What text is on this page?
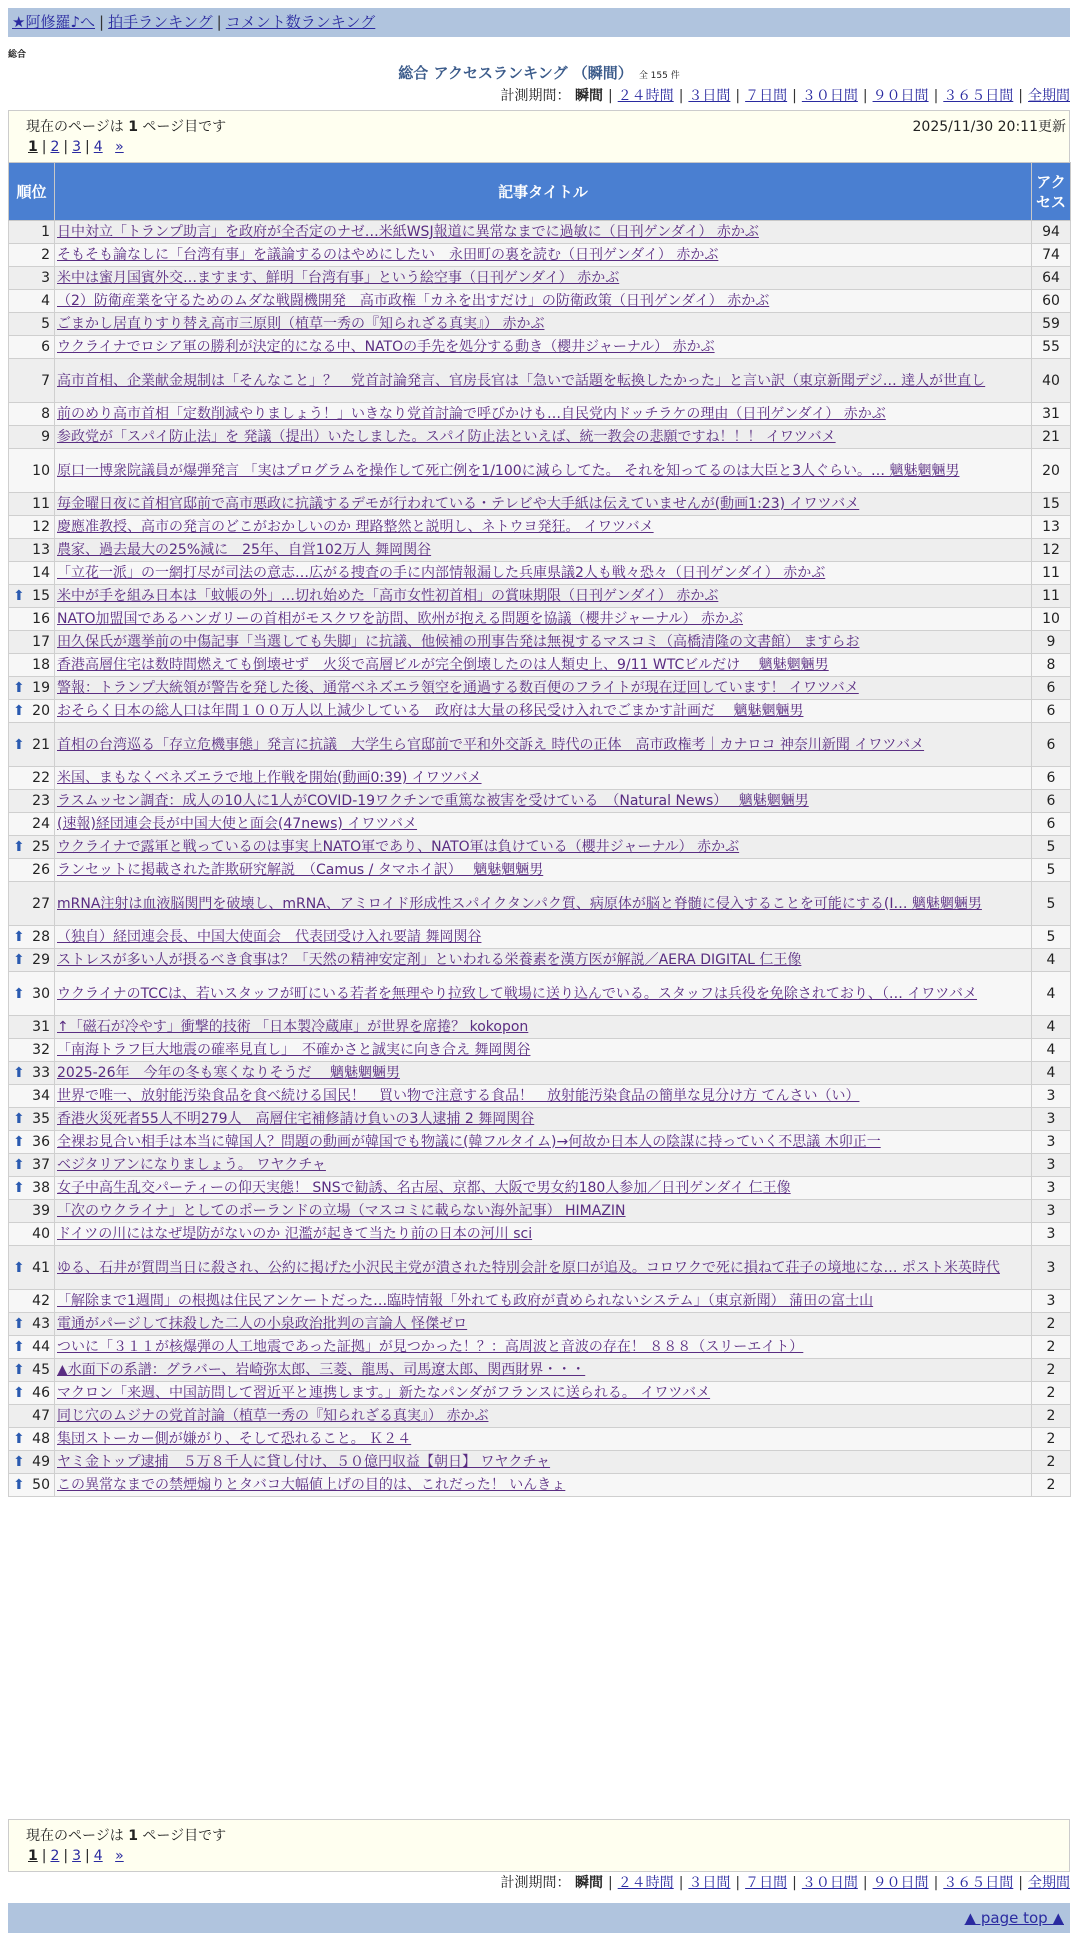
★阿修羅♪へ | 拍手ランキング | コメント数ランキング
総合
総合 アクセスランキング （瞬間） 全 155 件
計測期間： 瞬間 | ２４時間 | ３日間 | ７日間 | ３０日間 | ９０日間 | ３６５日間 | 全期間
現在のページは 1 ページ目です	2025/11/30 20:11更新
1 | 2 | 3 | 4 »
順位	記事タイトル	アクセス
1	日中対立「トランプ助言」を政府が全否定のナゼ…米紙WSJ報道に異常なまでに過敏に（日刊ゲンダイ） 赤かぶ	94
2	そもそも論なしに「台湾有事」を議論するのはやめにしたい　永田町の裏を読む（日刊ゲンダイ） 赤かぶ	74
3	米中は蜜月国賓外交…ますます、鮮明「台湾有事」という絵空事（日刊ゲンダイ） 赤かぶ	64
4	（2）防衛産業を守るためのムダな戦闘機開発　高市政権「カネを出すだけ」の防衛政策（日刊ゲンダイ） 赤かぶ	60
5	ごまかし居直りすり替え高市三原則（植草一秀の『知られざる真実』） 赤かぶ	59
6	ウクライナでロシア軍の勝利が決定的になる中、NATOの手先を処分する動き（櫻井ジャーナル） 赤かぶ	55
7	高市首相、企業献金規制は「そんなこと」？　党首討論発言、官房長官は「急いで話題を転換したかった」と言い訳（東京新聞デジ… 達人が世直し	40
8	前のめり高市首相「定数削減やりましょう！」いきなり党首討論で呼びかけも…自民党内ドッチラケの理由（日刊ゲンダイ） 赤かぶ	31
9	参政党が「スパイ防止法」を 発議（提出）いたしました。スパイ防止法といえば、統一教会の悲願ですね！！！ イワツバメ	21
10	原口一博衆院議員が爆弾発言 「実はプログラムを操作して死亡例を1/100に減らしてた。 それを知ってるのは大臣と3人ぐらい。… 魑魅魍魎男	20
11	毎金曜日夜に首相官邸前で高市悪政に抗議するデモが行われている・テレビや大手紙は伝えていませんが(動画1:23) イワツバメ	15
12	慶應准教授、高市の発言のどこがおかしいのか 理路整然と説明し、ネトウヨ発狂。 イワツバメ	13
13	農家、過去最大の25%減に　25年、自営102万人 舞岡関谷	12
14	「立花一派」の一網打尽が司法の意志…広がる捜査の手に内部情報漏した兵庫県議2人も戦々恐々（日刊ゲンダイ） 赤かぶ	11

⬆ 15	米中が手を組み日本は「蚊帳の外」…切れ始めた「高市女性初首相」の賞味期限（日刊ゲンダイ） 赤かぶ	11
16	NATO加盟国であるハンガリーの首相がモスクワを訪問、欧州が抱える問題を協議（櫻井ジャーナル） 赤かぶ	10
17	田久保氏が選挙前の中傷記事「当選しても失脚」に抗議、他候補の刑事告発は無視するマスコミ（高橋清隆の文書館） ますらお	9
18	香港高層住宅は数時間燃えても倒壊せず　火災で高層ビルが完全倒壊したのは人類史上、9/11 WTCビルだけ　 魑魅魍魎男	8

⬆ 19	警報：トランプ大統領が警告を発した後、通常ベネズエラ領空を通過する数百便のフライトが現在迂回しています！ イワツバメ	6

⬆ 20	おそらく日本の総人口は年間１００万人以上減少している　政府は大量の移民受け入れでごまかす計画だ　 魑魅魍魎男	6

⬆ 21	首相の台湾巡る「存立危機事態」発言に抗議　大学生ら官邸前で平和外交訴え 時代の正体　高市政権考｜カナロコ 神奈川新聞 イワツバメ	6
22	米国、まもなくベネズエラで地上作戦を開始(動画0:39) イワツバメ	6
23	ラスムッセン調査：成人の10人に1人がCOVID-19ワクチンで重篤な被害を受けている　（Natural News）　 魑魅魍魎男	6
24	(速報)経団連会長が中国大使と面会(47news) イワツバメ	6

⬆ 25	ウクライナで露軍と戦っているのは事実上NATO軍であり、NATO軍は負けている（櫻井ジャーナル） 赤かぶ	5
26	ランセットに掲載された詐欺研究解説　（Camus / タマホイ訳）　 魑魅魍魎男	5
27	mRNA注射は血液脳関門を破壊し、mRNA、アミロイド形成性スパイクタンパク質、病原体が脳と脊髄に侵入することを可能にする(I… 魑魅魍魎男	5

⬆ 28	（独自）経団連会長、中国大使面会　代表団受け入れ要請 舞岡関谷	5

⬆ 29	ストレスが多い人が摂るべき食事は？「天然の精神安定剤」といわれる栄養素を漢方医が解説／AERA DIGITAL 仁王像	4

⬆ 30	ウクライナのTCCは、若いスタッフが町にいる若者を無理やり拉致して戦場に送り込んでいる。スタッフは兵役を免除されており、（… イワツバメ	4
31	↑「磁石が冷やす」衝撃的技術 「日本製冷蔵庫」が世界を席捲？ kokopon	4
32	「南海トラフ巨大地震の確率見直し」　不確かさと誠実に向き合え 舞岡関谷	4

⬆ 33	2025-26年　今年の冬も寒くなりそうだ　 魑魅魍魎男	4
34	世界で唯一、放射能汚染食品を食べ続ける国民！　買い物で注意する食品！　放射能汚染食品の簡単な見分け方 てんさい（い）	3

⬆ 35	香港火災死者55人不明279人　高層住宅補修請け負いの3人逮捕 2 舞岡関谷	3

⬆ 36	全裸お見合い相手は本当に韓国人？問題の動画が韓国でも物議に(韓フルタイム)→何故か日本人の陰謀に持っていく不思議 木卯正一	3

⬆ 37	ベジタリアンになりましょう。 ワヤクチャ	3

⬆ 38	女子中高生乱交パーティーの仰天実態！ SNSで勧誘、名古屋、京都、大阪で男女約180人参加／日刊ゲンダイ 仁王像	3
39	「次のウクライナ」としてのポーランドの立場（マスコミに載らない海外記事） HIMAZIN	3
40	ドイツの川にはなぜ堤防がないのか 氾濫が起きて当たり前の日本の河川 sci	3

⬆ 41	ゆる、石井が質問当日に殺され、公約に掲げた小沢民主党が潰された特別会計を原口が追及。コロワクで死に損ねて荘子の境地にな… ポスト米英時代	3
42	「解除まで1週間」の根拠は住民アンケートだった…臨時情報「外れても政府が責められないシステム」（東京新聞） 蒲田の富士山	3

⬆ 43	電通がパージして抹殺した二人の小泉政治批判の言論人 怪傑ゼロ	2

⬆ 44	ついに「３１１が核爆弾の人工地震であった証拠」が見つかった！？：高周波と音波の存在！ ８８８（スリーエイト）	2

⬆ 45	▲水面下の系譜：グラバー、岩崎弥太郎、三菱、龍馬、司馬遼太郎、関西財界・・・	2

⬆ 46	マクロン「来週、中国訪問して習近平と連携します。」新たなパンダがフランスに送られる。 イワツバメ	2
47	同じ穴のムジナの党首討論（植草一秀の『知られざる真実』） 赤かぶ	2

⬆ 48	集団ストーカー側が嫌がり、そして恐れること。 Ｋ２４	2

⬆ 49	ヤミ金トップ逮捕　５万８千人に貸し付け、５０億円収益【朝日】 ワヤクチャ	2

⬆ 50	この異常なまでの禁煙煽りとタバコ大幅値上げの目的は、これだった！ いんきょ	2
現在のページは 1 ページ目です
1 | 2 | 3 | 4 »
計測期間： 瞬間 | ２４時間 | ３日間 | ７日間 | ３０日間 | ９０日間 | ３６５日間 | 全期間
▲ page top ▲
